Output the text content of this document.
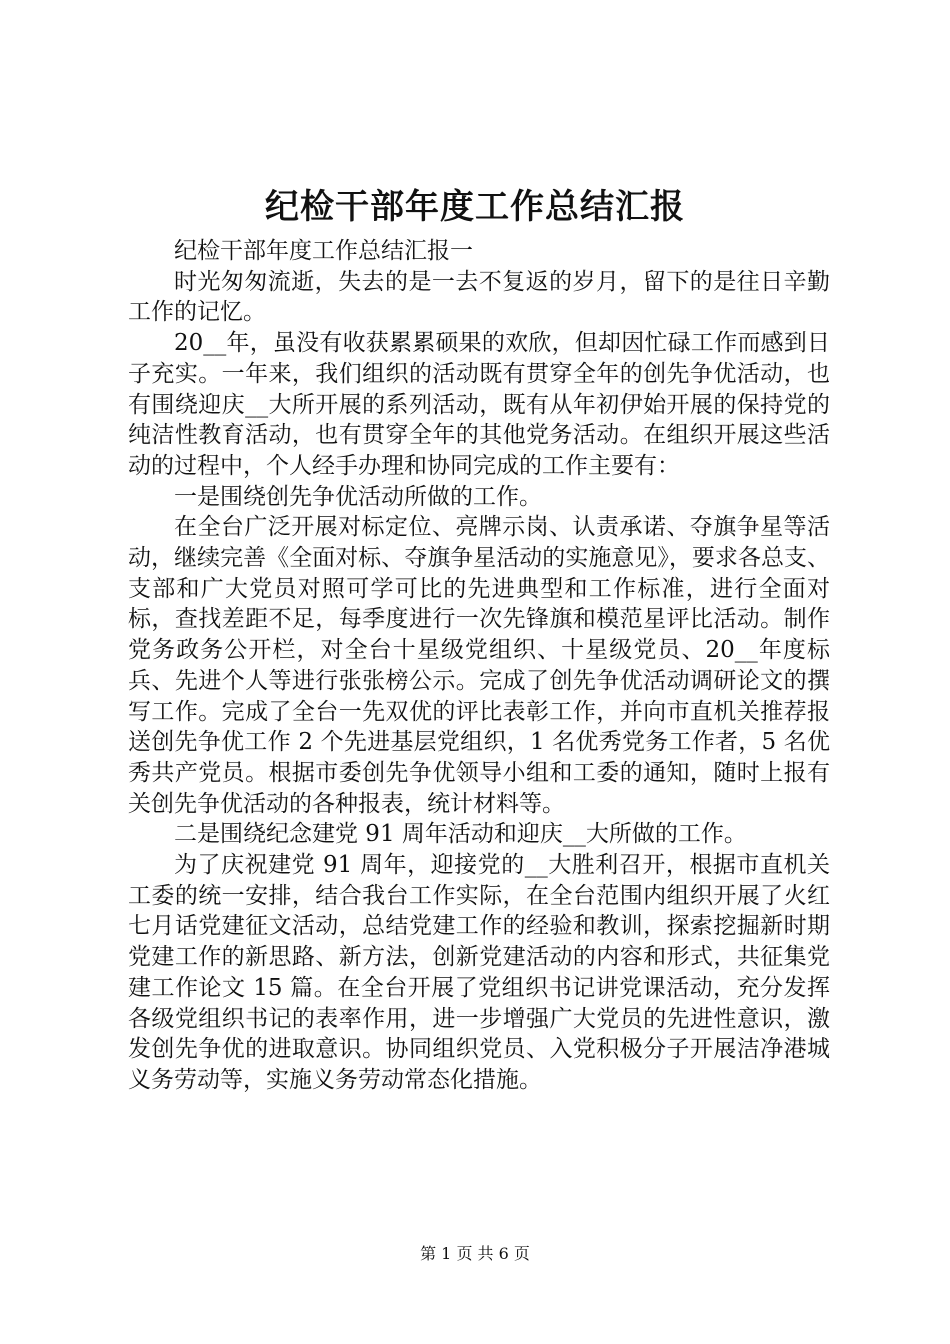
纪检干部年度工作总结汇报

纪检干部年度工作总结汇报一

时光匆匆流逝，失去的是一去不复返的岁月，留下的是往日辛勤工作的记忆。

20__年，虽没有收获累累硕果的欢欣，但却因忙碌工作而感到日子充实。一年来，我们组织的活动既有贯穿全年的创先争优活动，也有围绕迎庆__大所开展的系列活动，既有从年初伊始开展的保持党的纯洁性教育活动，也有贯穿全年的其他党务活动。在组织开展这些活动的过程中，个人经手办理和协同完成的工作主要有：

一是围绕创先争优活动所做的工作。

在全台广泛开展对标定位、亮牌示岗、认责承诺、夺旗争星等活动，继续完善《全面对标、夺旗争星活动的实施意见》，要求各总支、支部和广大党员对照可学可比的先进典型和工作标准，进行全面对标，查找差距不足，每季度进行一次先锋旗和模范星评比活动。制作党务政务公开栏，对全台十星级党组织、十星级党员、20__年度标兵、先进个人等进行张张榜公示。完成了创先争优活动调研论文的撰写工作。完成了全台一先双优的评比表彰工作，并向市直机关推荐报送创先争优工作 2 个先进基层党组织，1 名优秀党务工作者，5 名优秀共产党员。根据市委创先争优领导小组和工委的通知，随时上报有关创先争优活动的各种报表，统计材料等。

二是围绕纪念建党 91 周年活动和迎庆__大所做的工作。

为了庆祝建党 91 周年，迎接党的__大胜利召开，根据市直机关工委的统一安排，结合我台工作实际，在全台范围内组织开展了火红七月话党建征文活动，总结党建工作的经验和教训，探索挖掘新时期党建工作的新思路、新方法，创新党建活动的内容和形式，共征集党建工作论文 15 篇。在全台开展了党组织书记讲党课活动，充分发挥各级党组织书记的表率作用，进一步增强广大党员的先进性意识，激发创先争优的进取意识。协同组织党员、入党积极分子开展洁净港城义务劳动等，实施义务劳动常态化措施。

第 1 页 共 6 页
